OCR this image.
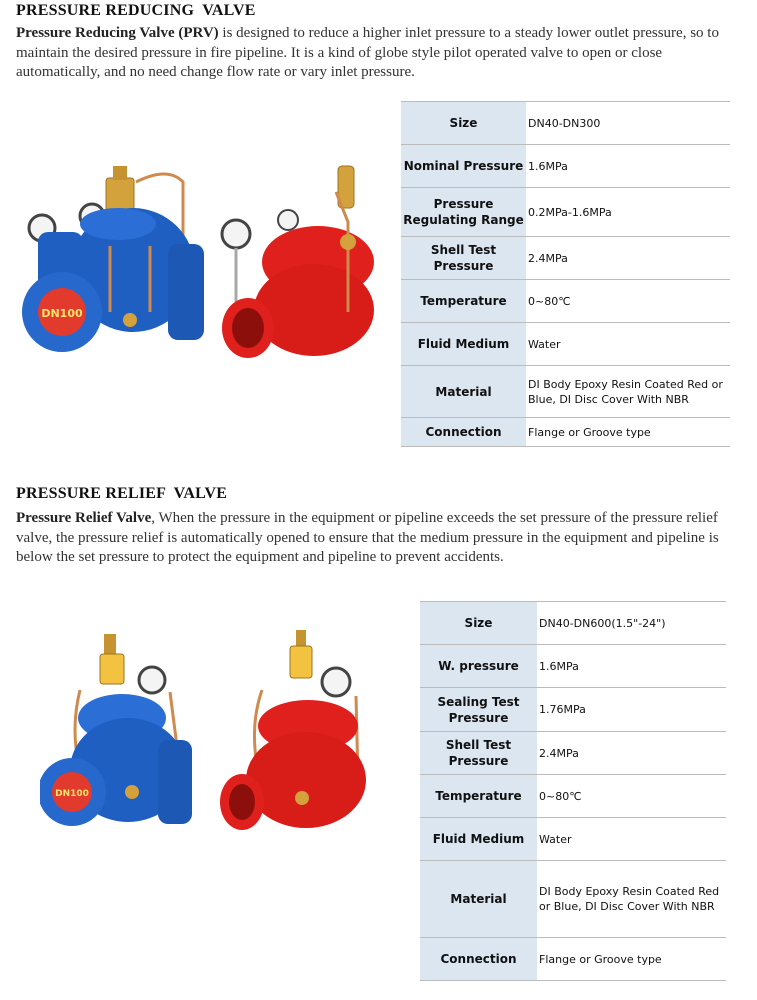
PRESSURE REDUCING  VALVE

Pressure Reducing Valve (PRV) is designed to reduce a higher inlet pressure to a steady lower outlet pressure, so to maintain the desired pressure in fire pipeline. It is a kind of globe style pilot operated valve to open or close automatically, and no need change flow rate or vary inlet pressure.

DN100
Size	DN40-DN300
Nominal Pressure	1.6MPa
Pressure Regulating Range	0.2MPa-1.6MPa
Shell Test Pressure	2.4MPa
Temperature	0~80℃
Fluid Medium	Water
Material	DI Body Epoxy Resin Coated Red or Blue, DI Disc Cover With NBR
Connection	Flange or Groove type
PRESSURE RELIEF  VALVE

Pressure Relief Valve, When the pressure in the equipment or pipeline exceeds the set pressure of the pressure relief valve, the pressure relief is automatically opened to ensure that the medium pressure in the equipment and pipeline is below the set pressure to protect the equipment and pipeline to prevent accidents.

DN100
Size	DN40-DN600(1.5"-24")
W. pressure	1.6MPa
Sealing Test Pressure	1.76MPa
Shell Test Pressure	2.4MPa
Temperature	0~80℃
Fluid Medium	Water
Material	DI Body Epoxy Resin Coated Red or Blue, DI Disc Cover With NBR
Connection	Flange or Groove type
